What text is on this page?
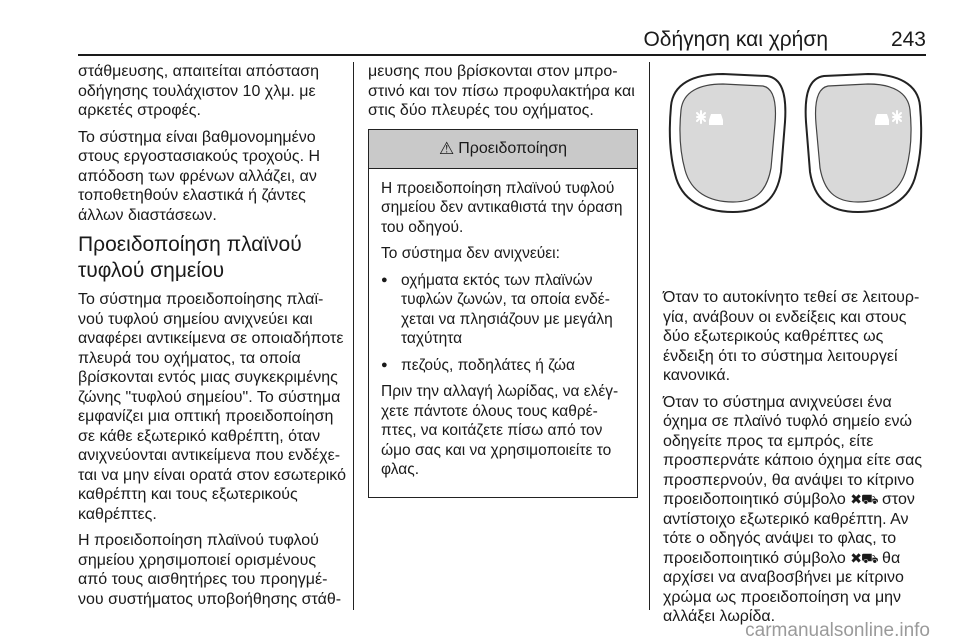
Οδήγηση και χρήση	243

στάθμευσης, απαιτείται απόσταση οδήγησης τουλάχιστον 10 χλμ. με αρκετές στροφές.

Το σύστημα είναι βαθμονομημένο στους εργοστασιακούς τροχούς. Η απόδοση των φρένων αλλάζει, αν τοποθετηθούν ελαστικά ή ζάντες άλλων διαστάσεων.

Προειδοποίηση πλαϊνού τυφλού σημείου

Το σύστημα προειδοποίησης πλαϊ-νού τυφλού σημείου ανιχνεύει και αναφέρει αντικείμενα σε οποιαδήποτε πλευρά του οχήματος, τα οποία βρίσκονται εντός μιας συγκεκριμένης ζώνης "τυφλού σημείου". Το σύστημα εμφανίζει μια οπτική προειδοποίηση σε κάθε εξωτερικό καθρέπτη, όταν ανιχνεύονται αντικείμενα που ενδέχε-ται να μην είναι ορατά στον εσωτερικό καθρέπτη και τους εξωτερικούς καθρέπτες.

Η προειδοποίηση πλαϊνού τυφλού σημείου χρησιμοποιεί ορισμένους από τους αισθητήρες του προηγμέ-νου συστήματος υποβοήθησης στάθ-

μευσης που βρίσκονται στον μπρο-στινό και τον πίσω προφυλακτήρα και στις δύο πλευρές του οχήματος.

⚠ Προειδοποίηση

Η προειδοποίηση πλαϊνού τυφλού σημείου δεν αντικαθιστά την όραση του οδηγού.

Το σύστημα δεν ανιχνεύει:

● οχήματα εκτός των πλαϊνών τυφλών ζωνών, τα οποία ενδέ-χεται να πλησιάζουν με μεγάλη ταχύτητα
● πεζούς, ποδηλάτες ή ζώα

Πριν την αλλαγή λωρίδας, να ελέγ-χετε πάντοτε όλους τους καθρέ-πτες, να κοιτάζετε πίσω από τον ώμο σας και να χρησιμοποιείτε το φλας.

Όταν το αυτοκίνητο τεθεί σε λειτουρ-γία, ανάβουν οι ενδείξεις και στους δύο εξωτερικούς καθρέπτες ως ένδειξη ότι το σύστημα λειτουργεί κανονικά.

Όταν το σύστημα ανιχνεύσει ένα όχημα σε πλαϊνό τυφλό σημείο ενώ οδηγείτε προς τα εμπρός, είτε προσπερνάτε κάποιο όχημα είτε σας προσπερνούν, θα ανάψει το κίτρινο προειδοποιητικό σύμβολο ✖⛟ στον αντίστοιχο εξωτερικό καθρέπτη. Αν τότε ο οδηγός ανάψει το φλας, το προειδοποιητικό σύμβολο ✖⛟ θα αρχίσει να αναβοσβήνει με κίτρινο χρώμα ως προειδοποίηση να μην αλλάξει λωρίδα.

carmanualsonline.info
